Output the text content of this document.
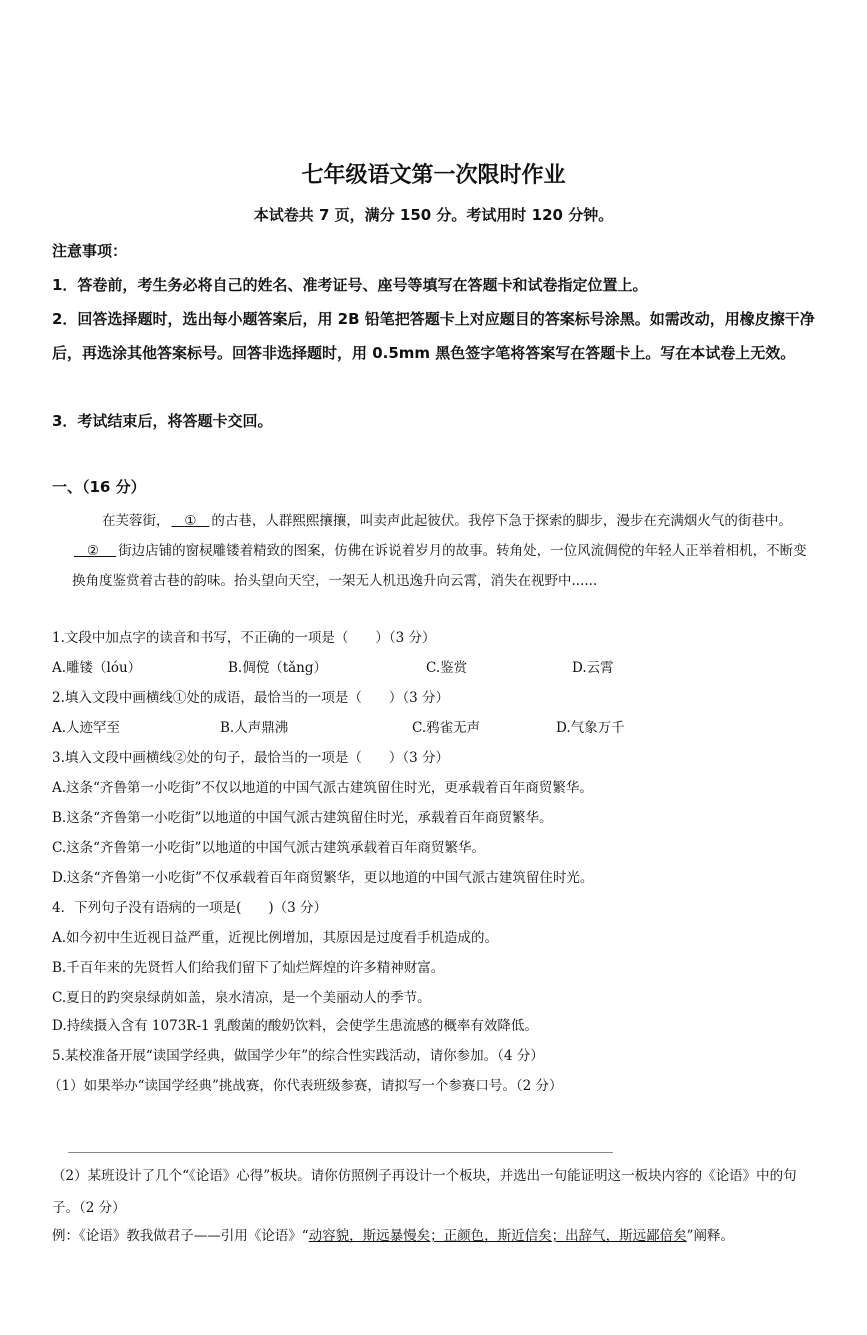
七年级语文第一次限时作业
本试卷共 7 页，满分 150 分。考试用时 120 分钟。
注意事项：
1．答卷前，考生务必将自己的姓名、准考证号、座号等填写在答题卡和试卷指定位置上。
2．回答选择题时，选出每小题答案后，用 2B 铅笔把答题卡上对应题目的答案标号涂黑。如需改动，用橡皮擦干净后，再选涂其他答案标号。回答非选择题时，用 0.5mm 黑色签字笔将答案写在答题卡上。写在本试卷上无效。
3．考试结束后，将答题卡交回。
一、（16 分）
在芙蓉街， ① 的古巷，人群熙熙攘攘，叫卖声此起彼伏。我停下急于探索的脚步，漫步在充满烟火气的街巷中。   ② 街边店铺的窗棂雕镂着精致的图案，仿佛在诉说着岁月的故事。转角处，一位风流倜傥的年轻人正举着相机，不断变换角度鉴赏着古巷的韵味。抬头望向天空，一架无人机迅逸升向云霄，消失在视野中......
1.文段中加点字的读音和书写，不正确的一项是（　　）（3 分）
A.雕镂（lóu）	B.倜傥（tǎng）	C.鉴赏	D.云霄
2.填入文段中画横线①处的成语，最恰当的一项是（　　）（3 分）
A.人迹罕至	B.人声鼎沸	C.鸦雀无声	D.气象万千
3.填入文段中画横线②处的句子，最恰当的一项是（　　）（3 分）
A.这条“齐鲁第一小吃街”不仅以地道的中国气派古建筑留住时光，更承载着百年商贸繁华。
B.这条“齐鲁第一小吃街”以地道的中国气派古建筑留住时光，承载着百年商贸繁华。
C.这条“齐鲁第一小吃街”以地道的中国气派古建筑承载着百年商贸繁华。
D.这条“齐鲁第一小吃街”不仅承载着百年商贸繁华，更以地道的中国气派古建筑留住时光。
4．下列句子没有语病的一项是(　　)（3 分）
A.如今初中生近视日益严重，近视比例增加，其原因是过度看手机造成的。
B.千百年来的先贤哲人们给我们留下了灿烂辉煌的许多精神财富。
C.夏日的趵突泉绿荫如盖，泉水清凉，是一个美丽动人的季节。
D.持续摄入含有 1073R-1 乳酸菌的酸奶饮料，会使学生患流感的概率有效降低。
5.某校准备开展“读国学经典，做国学少年”的综合性实践活动，请你参加。（4 分）
（1）如果举办“读国学经典”挑战赛，你代表班级参赛，请拟写一个参赛口号。（2 分）
（2）某班设计了几个“《论语》心得”板块。请你仿照例子再设计一个板块，并选出一句能证明这一板块内容的《论语》中的句子。（2 分）
例：《论语》教我做君子——引用《论语》“动容貌，斯远暴慢矣；正颜色，斯近信矣；出辞气，斯远鄙倍矣”阐释。
